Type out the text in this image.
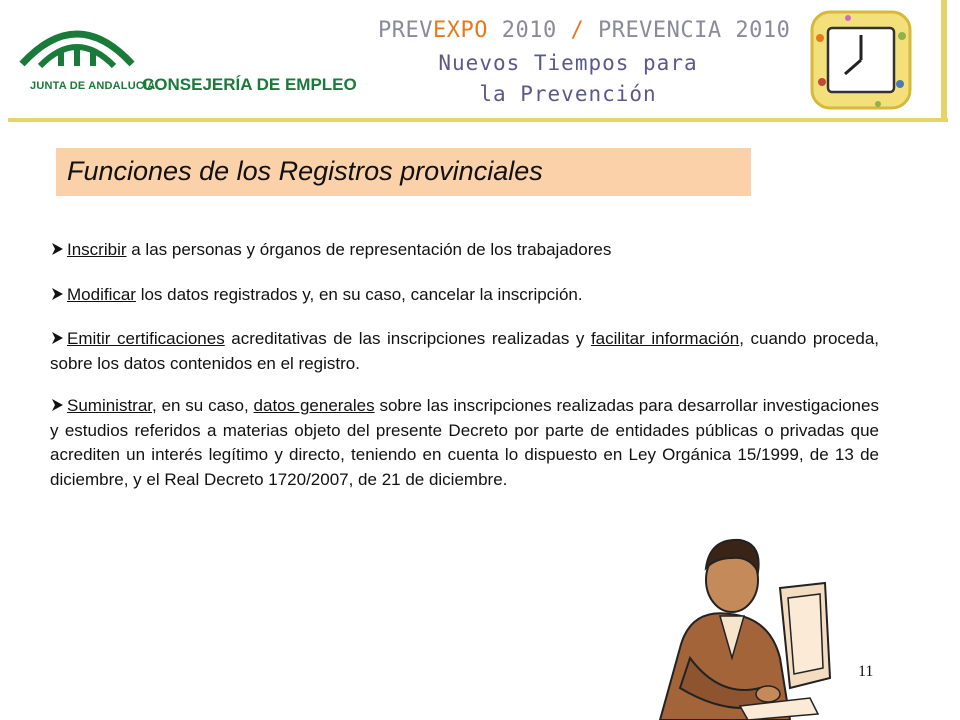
JUNTA DE ANDALUCIA
CONSEJERÍA DE EMPLEO
PREVEXPO 2010 / PREVENCIA 2010
Nuevos Tiempos para
la Prevención
Funciones de los Registros provinciales

Inscribir a las personas y órganos de representación de los trabajadores

Modificar los datos registrados y, en su caso, cancelar la inscripción.

Emitir certificaciones acreditativas de las inscripciones realizadas y facilitar información, cuando proceda, sobre los datos contenidos en el registro.

Suministrar, en su caso, datos generales sobre las inscripciones realizadas para desarrollar investigaciones y estudios referidos a materias objeto del presente Decreto por parte de entidades públicas o privadas que acrediten un interés legítimo y directo, teniendo en cuenta lo dispuesto en Ley Orgánica 15/1999, de 13 de diciembre, y el Real Decreto 1720/2007, de 21 de diciembre.

11
